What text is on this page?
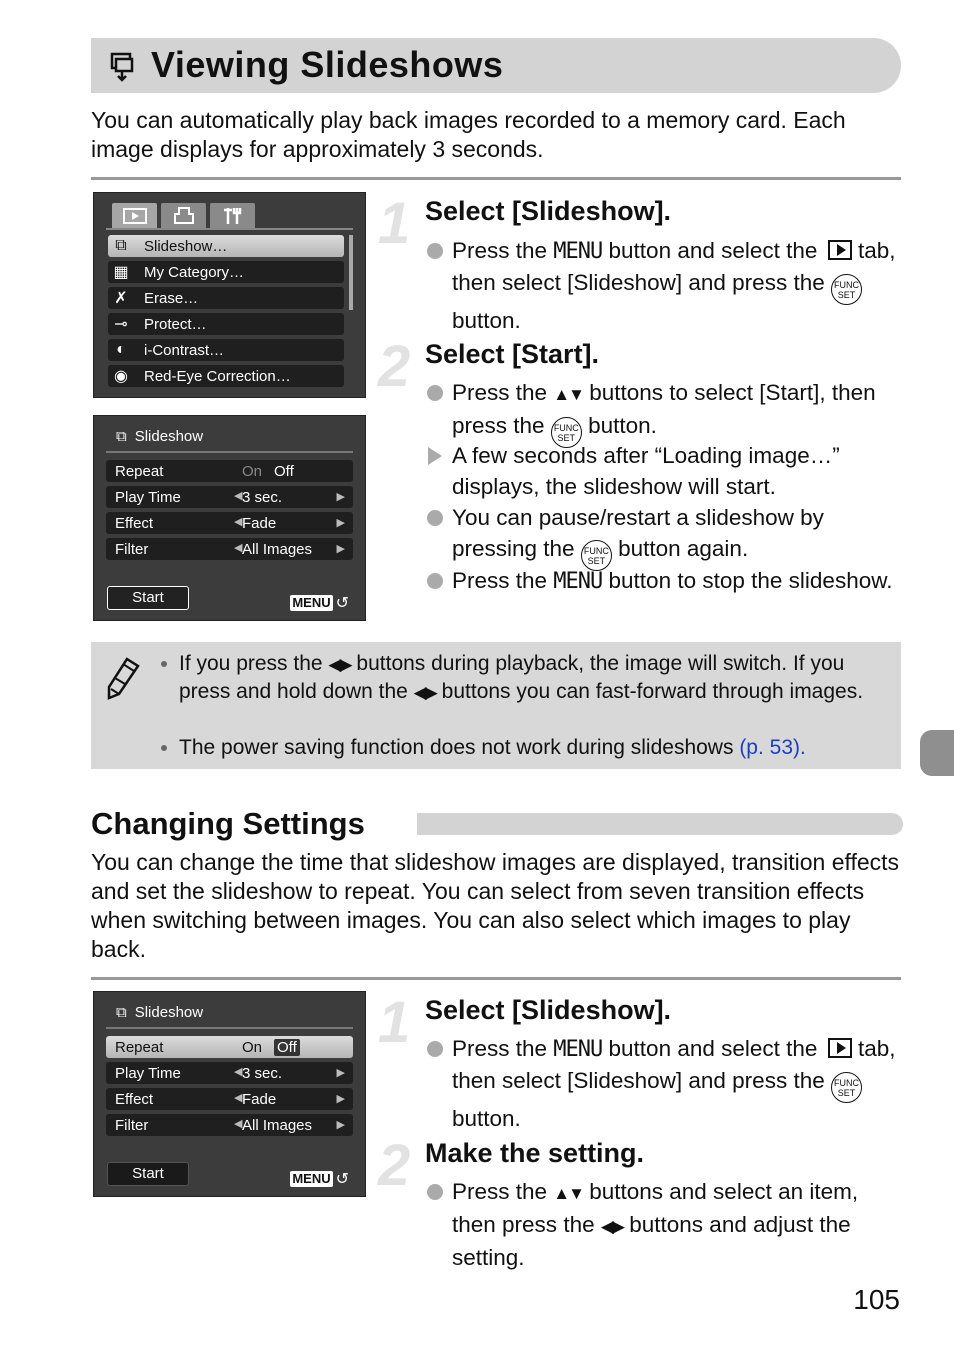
Viewing Slideshows

You can automatically play back images recorded to a memory card. Each image displays for approximately 3 seconds.

⧉	Slideshow…
▦	My Category…
✗	Erase…
⊸	Protect…
◐	i-Contrast…
◉	Red-Eye Correction…
⧉ Slideshow
Repeat	On Off
Play Time	◀ 3 sec.	▶
Effect	◀ Fade	▶
Filter	◀ All Images ▶
Start	MENU ↺
1 Select [Slideshow].
Press the MENU button and select the  tab, then select [Slideshow] and press the FUNC
SET button.
2 Select [Start].
Press the ▲▼ buttons to select [Start], then press the FUNC
SET button.
A few seconds after “Loading image…” displays, the slideshow will start.
You can pause/restart a slideshow by pressing the FUNC
SET button again.
Press the MENU button to stop the slideshow.
If you press the ◀▶ buttons during playback, the image will switch. If you press and hold down the ◀▶ buttons you can fast-forward through images.
The power saving function does not work during slideshows (p. 53).
Changing Settings

You can change the time that slideshow images are displayed, transition effects and set the slideshow to repeat. You can select from seven transition effects when switching between images. You can also select which images to play back.

⧉ Slideshow
Repeat	On Off
Play Time	◀ 3 sec.	▶
Effect	◀ Fade	▶
Filter	◀ All Images ▶
Start	MENU ↺
1 Select [Slideshow].
Press the MENU button and select the  tab, then select [Slideshow] and press the FUNC
SET button.
2 Make the setting.
Press the ▲▼ buttons and select an item, then press the ◀▶ buttons and adjust the setting.
105
